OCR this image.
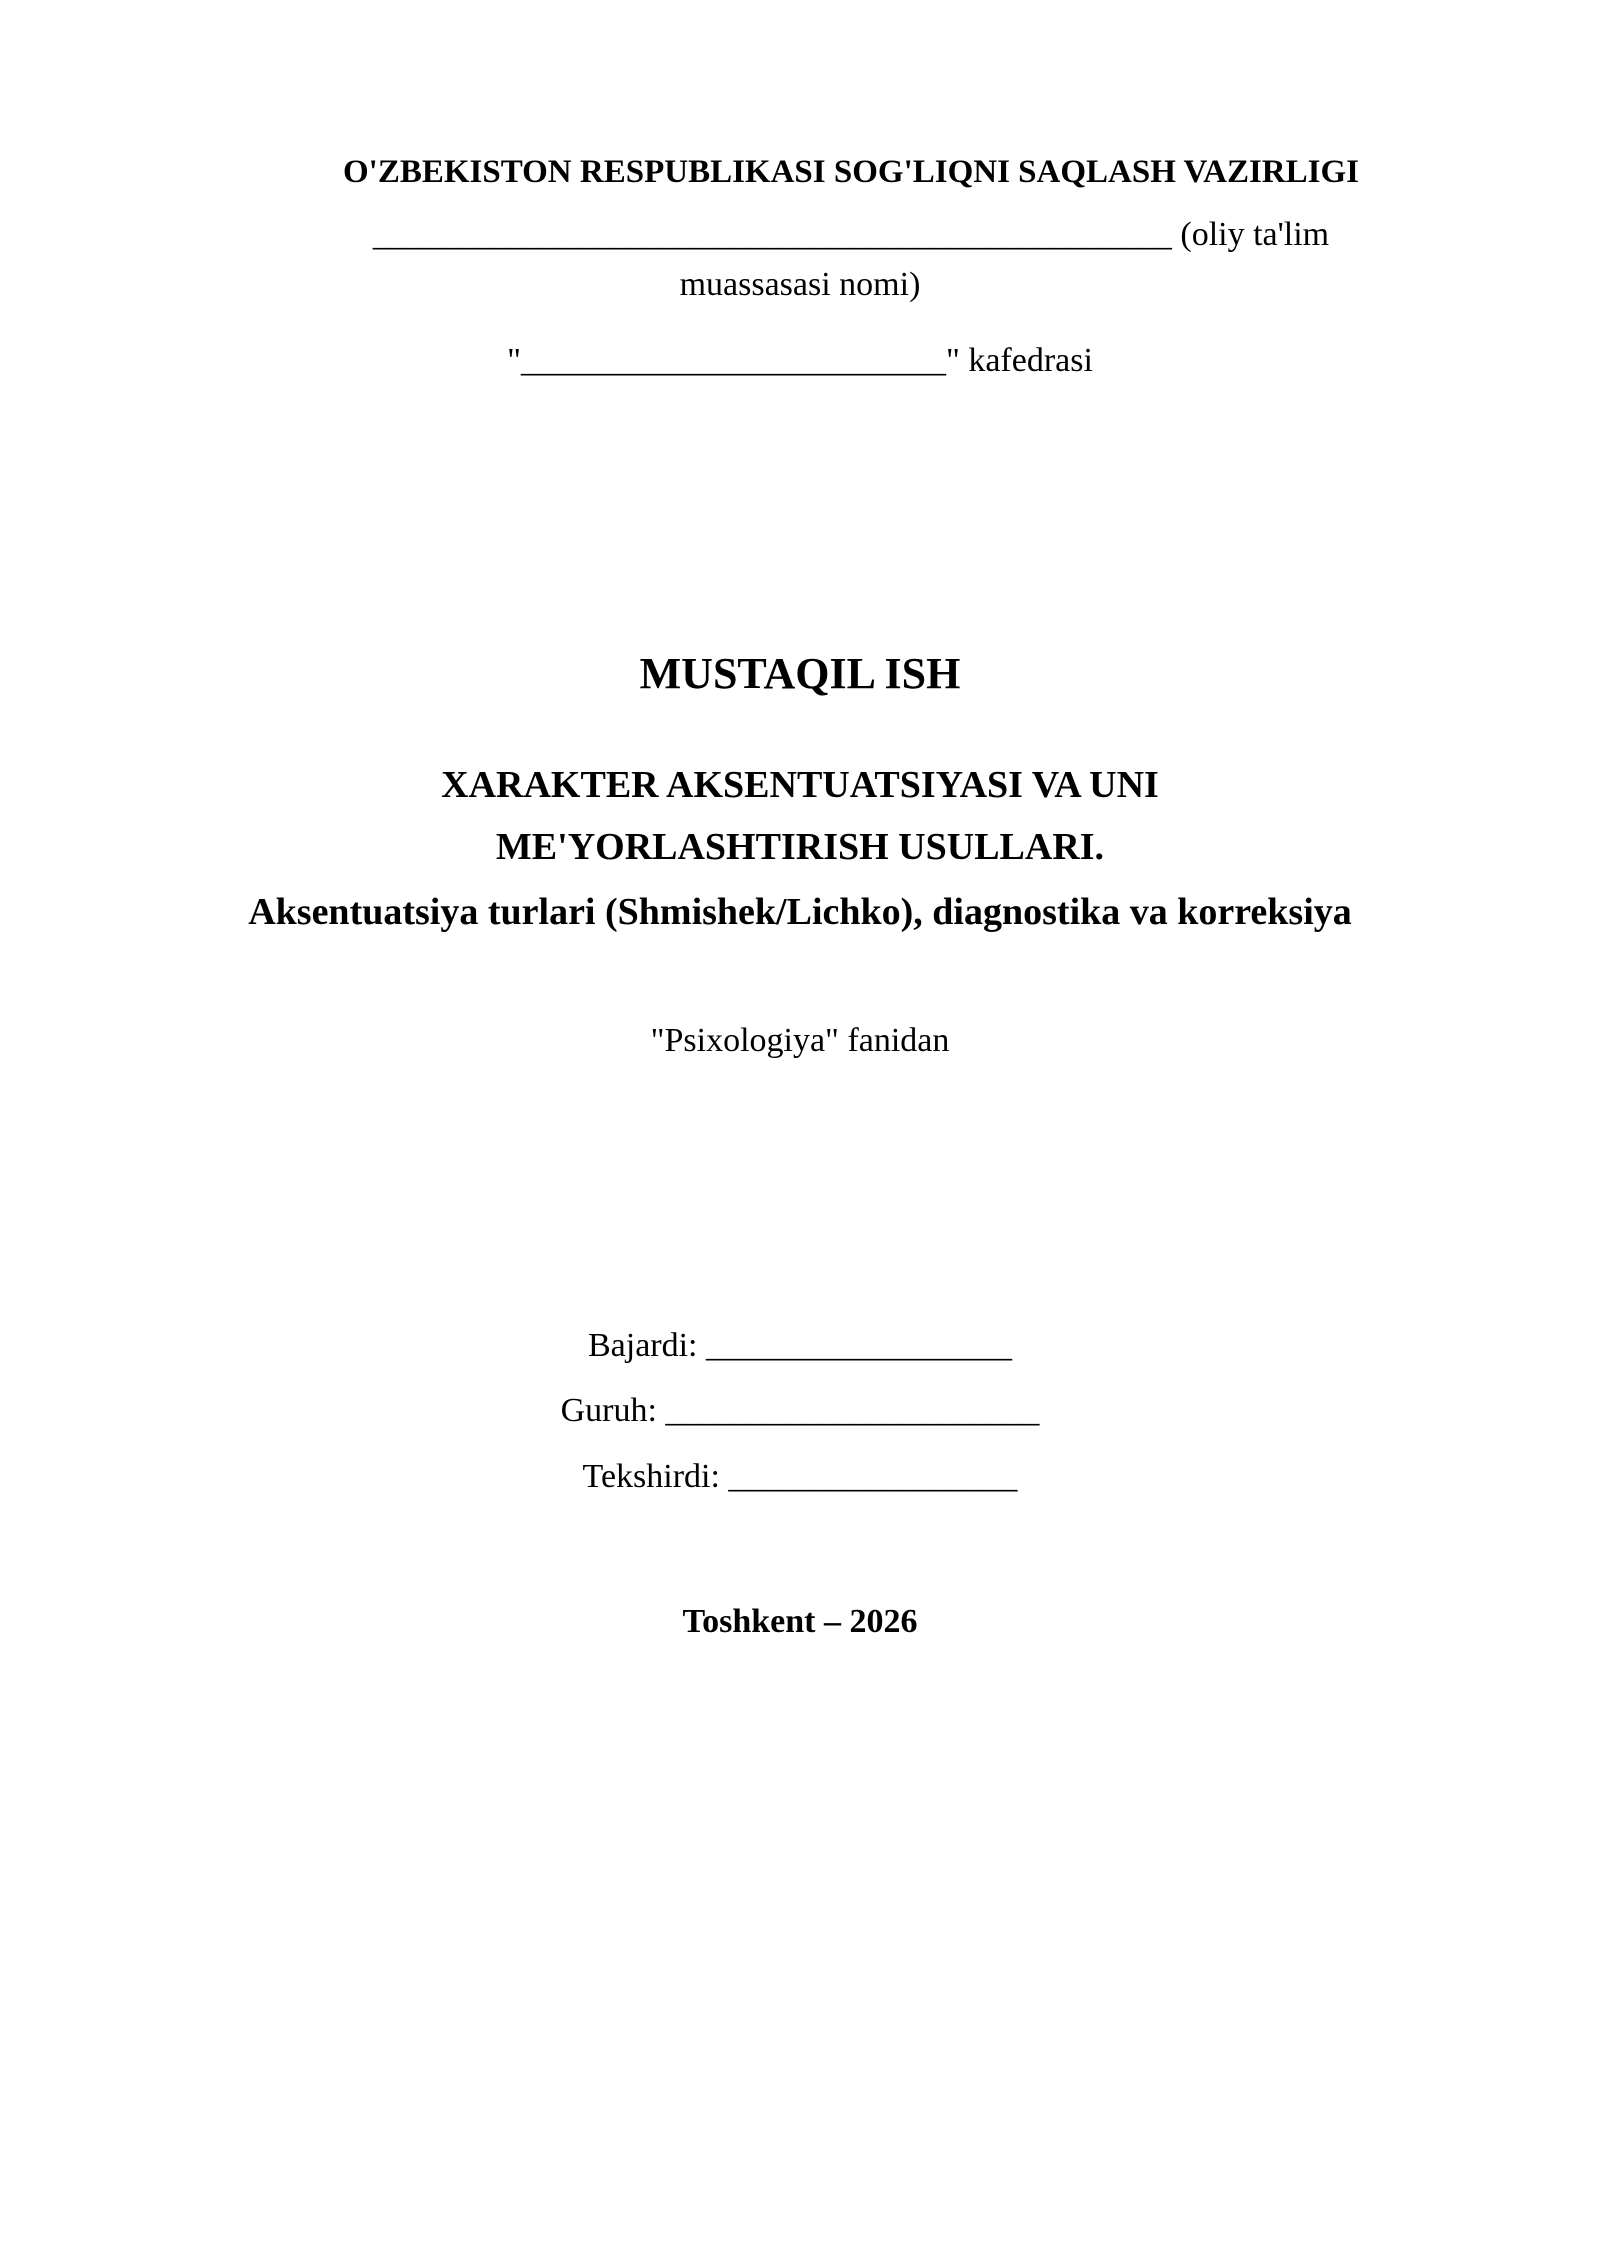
O'ZBEKISTON RESPUBLIKASI SOG'LIQNI SAQLASH VAZIRLIGI
_______________________________________________ (oliy ta'lim
muassasasi nomi)
"_________________________" kafedrasi
MUSTAQIL ISH
XARAKTER AKSENTUATSIYASI VA UNI
ME'YORLASHTIRISH USULLARI.
Aksentuatsiya turlari (Shmishek/Lichko), diagnostika va korreksiya
"Psixologiya" fanidan
Bajardi: __________________
Guruh: ______________________
Tekshirdi: _________________
Toshkent – 2026
